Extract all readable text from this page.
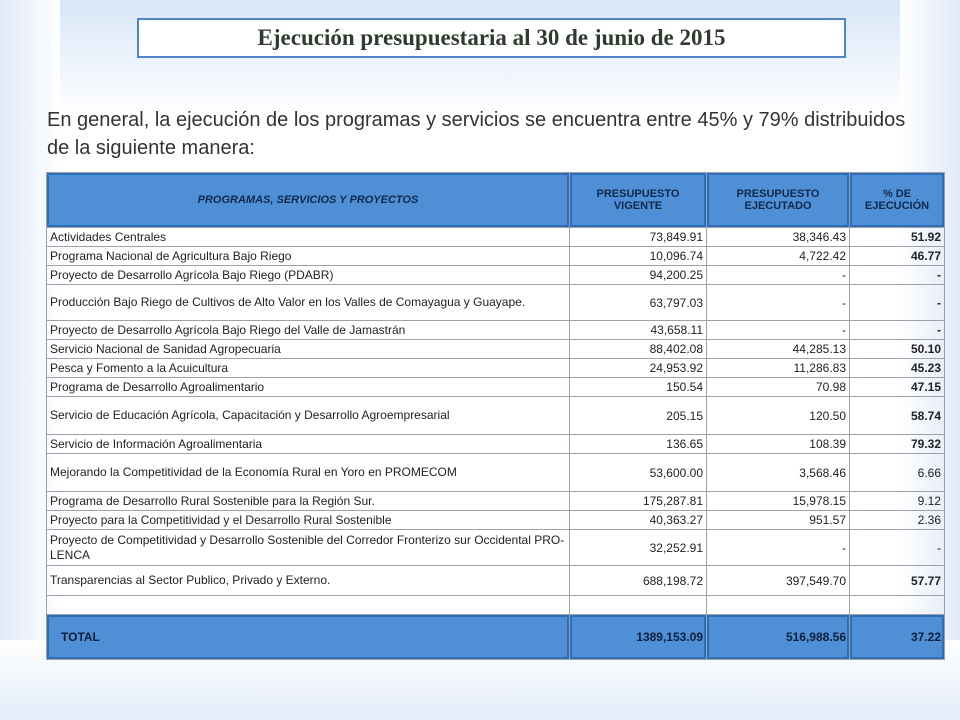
Ejecución presupuestaria al 30 de junio de 2015
En general, la ejecución de los programas y servicios se encuentra entre 45% y 79% distribuidos de la siguiente manera:
PROGRAMAS, SERVICIOS Y PROYECTOS	PRESUPUESTO VIGENTE	PRESUPUESTO EJECUTADO	% DE EJECUCIÓN
Actividades Centrales	73,849.91	38,346.43	51.92
Programa Nacional de Agricultura Bajo Riego	10,096.74	4,722.42	46.77
Proyecto de Desarrollo Agrícola Bajo Riego (PDABR)	94,200.25	-	-
Producción Bajo Riego de Cultivos de Alto Valor en los Valles de Comayagua y Guayape.	63,797.03	-	-
Proyecto de Desarrollo Agrícola Bajo Riego del Valle de Jamastrán	43,658.11	-	-
Servicio Nacional de Sanidad Agropecuaria	88,402.08	44,285.13	50.10
Pesca y Fomento a la Acuicultura	24,953.92	11,286.83	45.23
Programa de Desarrollo Agroalimentario	150.54	70.98	47.15
Servicio de Educación Agrícola, Capacitación y Desarrollo Agroempresarial	205.15	120.50	58.74
Servicio de Información Agroalimentaria	136.65	108.39	79.32
Mejorando la Competitividad de la Economía Rural en Yoro en PROMECOM	53,600.00	3,568.46	6.66
Programa de Desarrollo Rural Sostenible para la Región Sur.	175,287.81	15,978.15	9.12
Proyecto para la Competitividad y el Desarrollo Rural Sostenible	40,363.27	951.57	2.36
Proyecto de Competitividad y Desarrollo Sostenible del Corredor Fronterizo sur Occidental PRO-LENCA	32,252.91	-	-
Transparencias al Sector Publico, Privado y Externo.	688,198.72	397,549.70	57.77

TOTAL	1389,153.09	516,988.56	37.22
